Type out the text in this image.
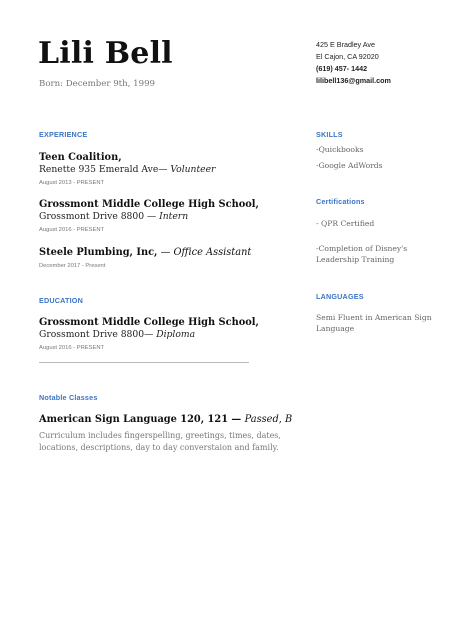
Lili Bell
Born: December 9th, 1999
425 E Bradley Ave
El Cajon, CA 92020
(619) 457- 1442
lilibell136@gmail.com
EXPERIENCE
Teen Coalition,
Renette 935 Emerald Ave— Volunteer
August 2013 - PRESENT
Grossmont Middle College High School,
Grossmont Drive 8800 — Intern
August 2016 - PRESENT
Steele Plumbing, Inc, — Office Assistant
December 2017 - Present
EDUCATION
Grossmont Middle College High School,
Grossmont Drive 8800— Diploma
August 2016 - PRESENT
Notable Classes
American Sign Language 120, 121 — Passed, B
Curriculum includes fingerspelling, greetings, times, dates, locations, descriptions, day to day converstaion and family.
SKILLS
-Quickbooks
-Google AdWords
Certifications
- QPR Certified
-Completion of Disney's Leadership Training
LANGUAGES
Semi Fluent in American Sign Language
